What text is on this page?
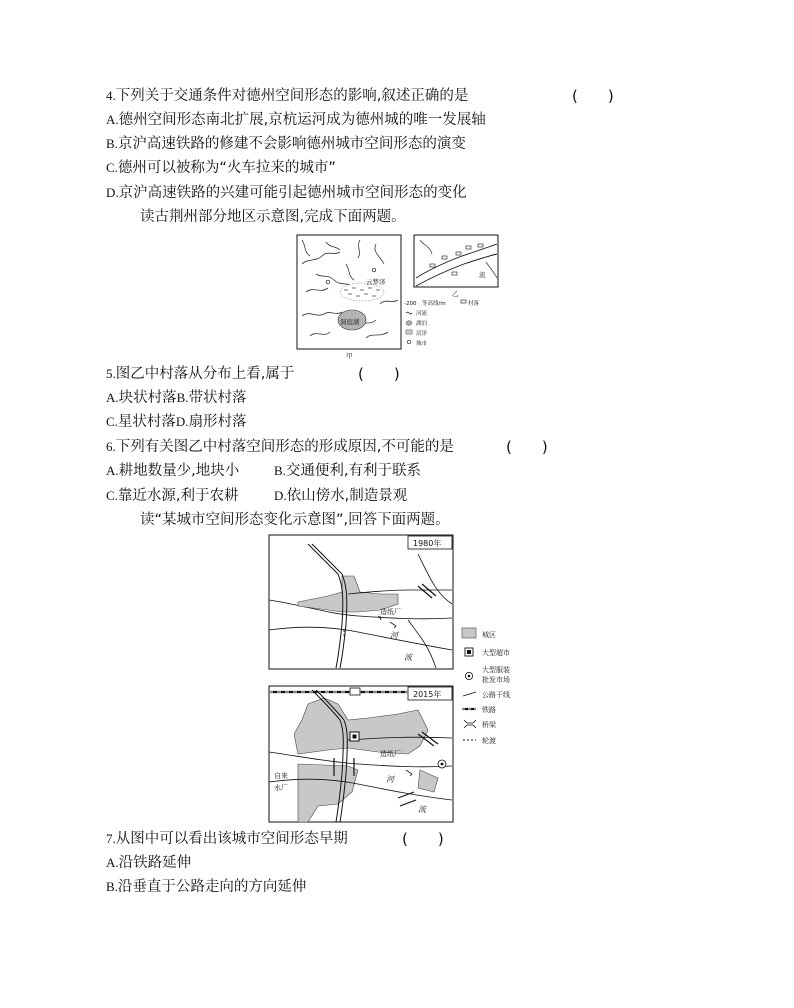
4.下列关于交通条件对德州空间形态的影响,叙述正确的是	(　　)
A.德州空间形态南北扩展,京杭运河成为德州城的唯一发展轴
B.京沪高速铁路的修建不会影响德州城市空间形态的演变
C.德州可以被称为“火车拉来的城市”
D.京沪高速铁路的兴建可能引起德州城市空间形态的变化
读古荆州部分地区示意图,完成下面两题。
云梦泽
洞庭湖
甲
流
乙
-200 等高线/m	村落
河流
湖泊
沼泽
城市
5.图乙中村落从分布上看,属于	(　　)
A.块状村落B.带状村落
C.星状村落D.扇形村落
6.下列有关图乙中村落空间形态的形成原因,不可能的是	(　　)
A.耕地数量少,地块小	B.交通便利,有利于联系
C.靠近水源,利于农耕	D.依山傍水,制造景观
读“某城市空间形态变化示意图”,回答下面两题。
1980年
造纸厂
河
流
2015年
造纸厂
河
流
自来
水厂
城区
大型超市
大型服装
批发市场
公路干线
铁路
桥梁
轮渡
7.从图中可以看出该城市空间形态早期	(　　)
A.沿铁路延伸
B.沿垂直于公路走向的方向延伸
